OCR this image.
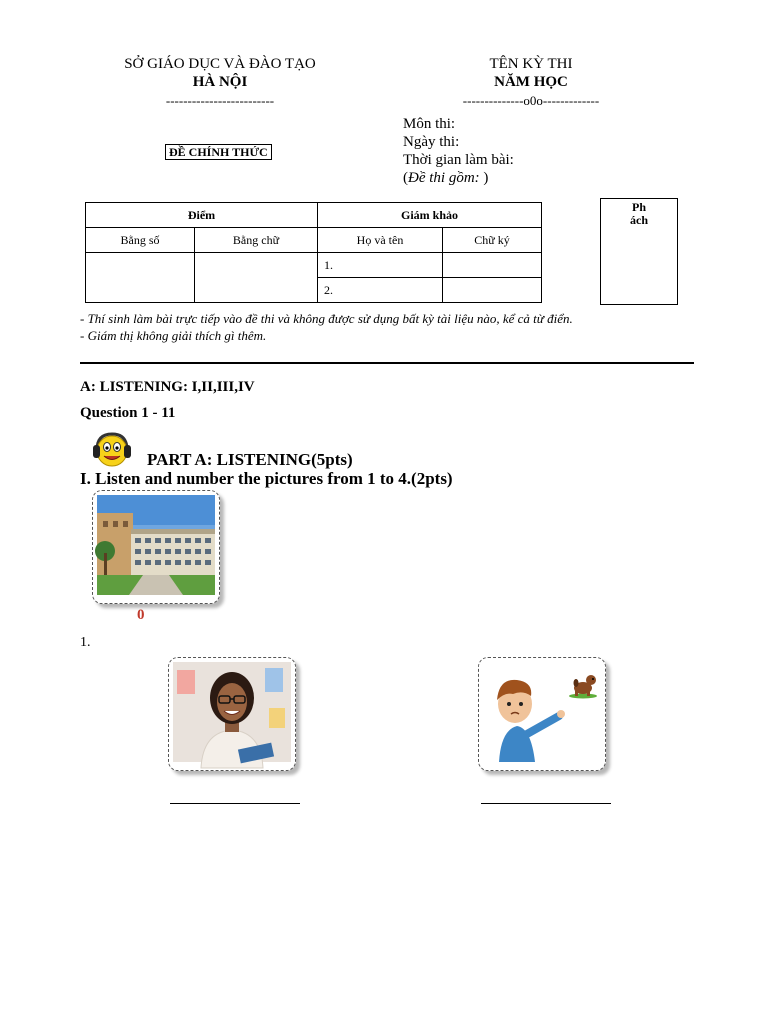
SỞ GIÁO DỤC VÀ ĐÀO TẠO
HÀ NỘI
-------------------------
TÊN KỲ THI
NĂM HỌC
--------------o0o-------------
ĐỀ CHÍNH THỨC
Môn thi:
Ngày thi:
Thời gian làm bài:
(Đề thi gồm: )
Điểm		Giám khảo	
Bằng số	Bằng chữ	Họ và tên	Chữ ký
		1.	
		2.	
Ph
ách
- Thí sinh làm bài trực tiếp vào đề thi và không được sử dụng bất kỳ tài liệu nào, kể cả từ điển.
- Giám thị không giải thích gì thêm.
A: LISTENING: I,II,III,IV
Question 1 - 11
PART A: LISTENING(5pts)
I. Listen and number the pictures from 1 to 4.(2pts)
0
1.
